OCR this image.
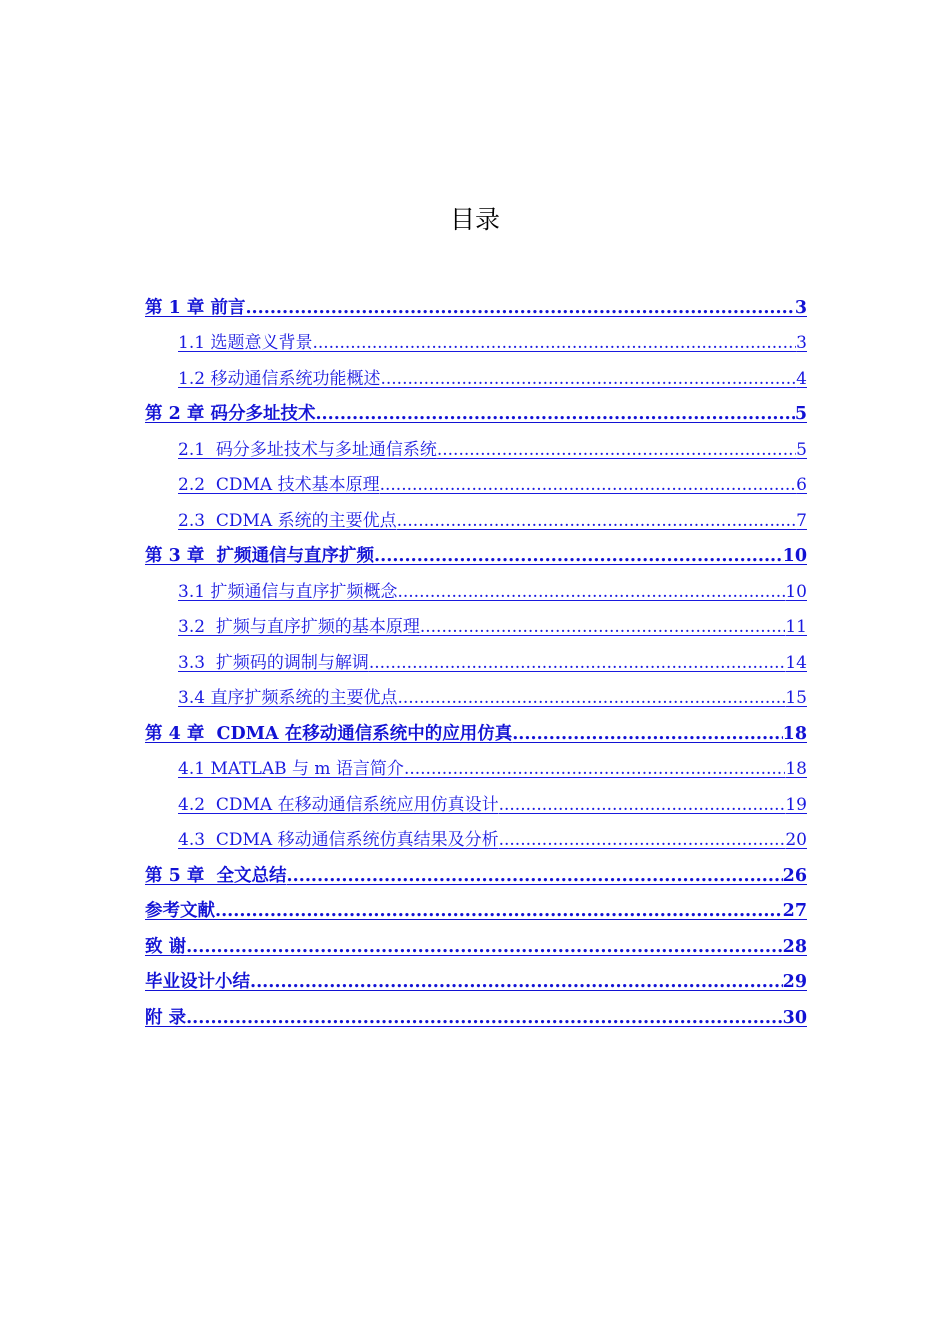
目录
第 1 章 前言 .....	3
1.1 选题意义背景 .....	3
1.2 移动通信系统功能概述 .....	4
第 2 章 码分多址技术 .....	5
2.1  码分多址技术与多址通信系统 .....	5
2.2  CDMA 技术基本原理 .....	6
2.3  CDMA 系统的主要优点 .....	7
第 3 章  扩频通信与直序扩频 .....	10
3.1 扩频通信与直序扩频概念 .....	10
3.2  扩频与直序扩频的基本原理 .....	11
3.3  扩频码的调制与解调 .....	14
3.4 直序扩频系统的主要优点 .....	15
第 4 章  CDMA 在移动通信系统中的应用仿真 .....	18
4.1 MATLAB 与 m 语言简介 .....	18
4.2  CDMA 在移动通信系统应用仿真设计 .....	19
4.3  CDMA 移动通信系统仿真结果及分析 .....	20
第 5 章  全文总结 .....	26
参考文献 .....	27
致 谢 .....	28
毕业设计小结 .....	29
附 录 .....	30
